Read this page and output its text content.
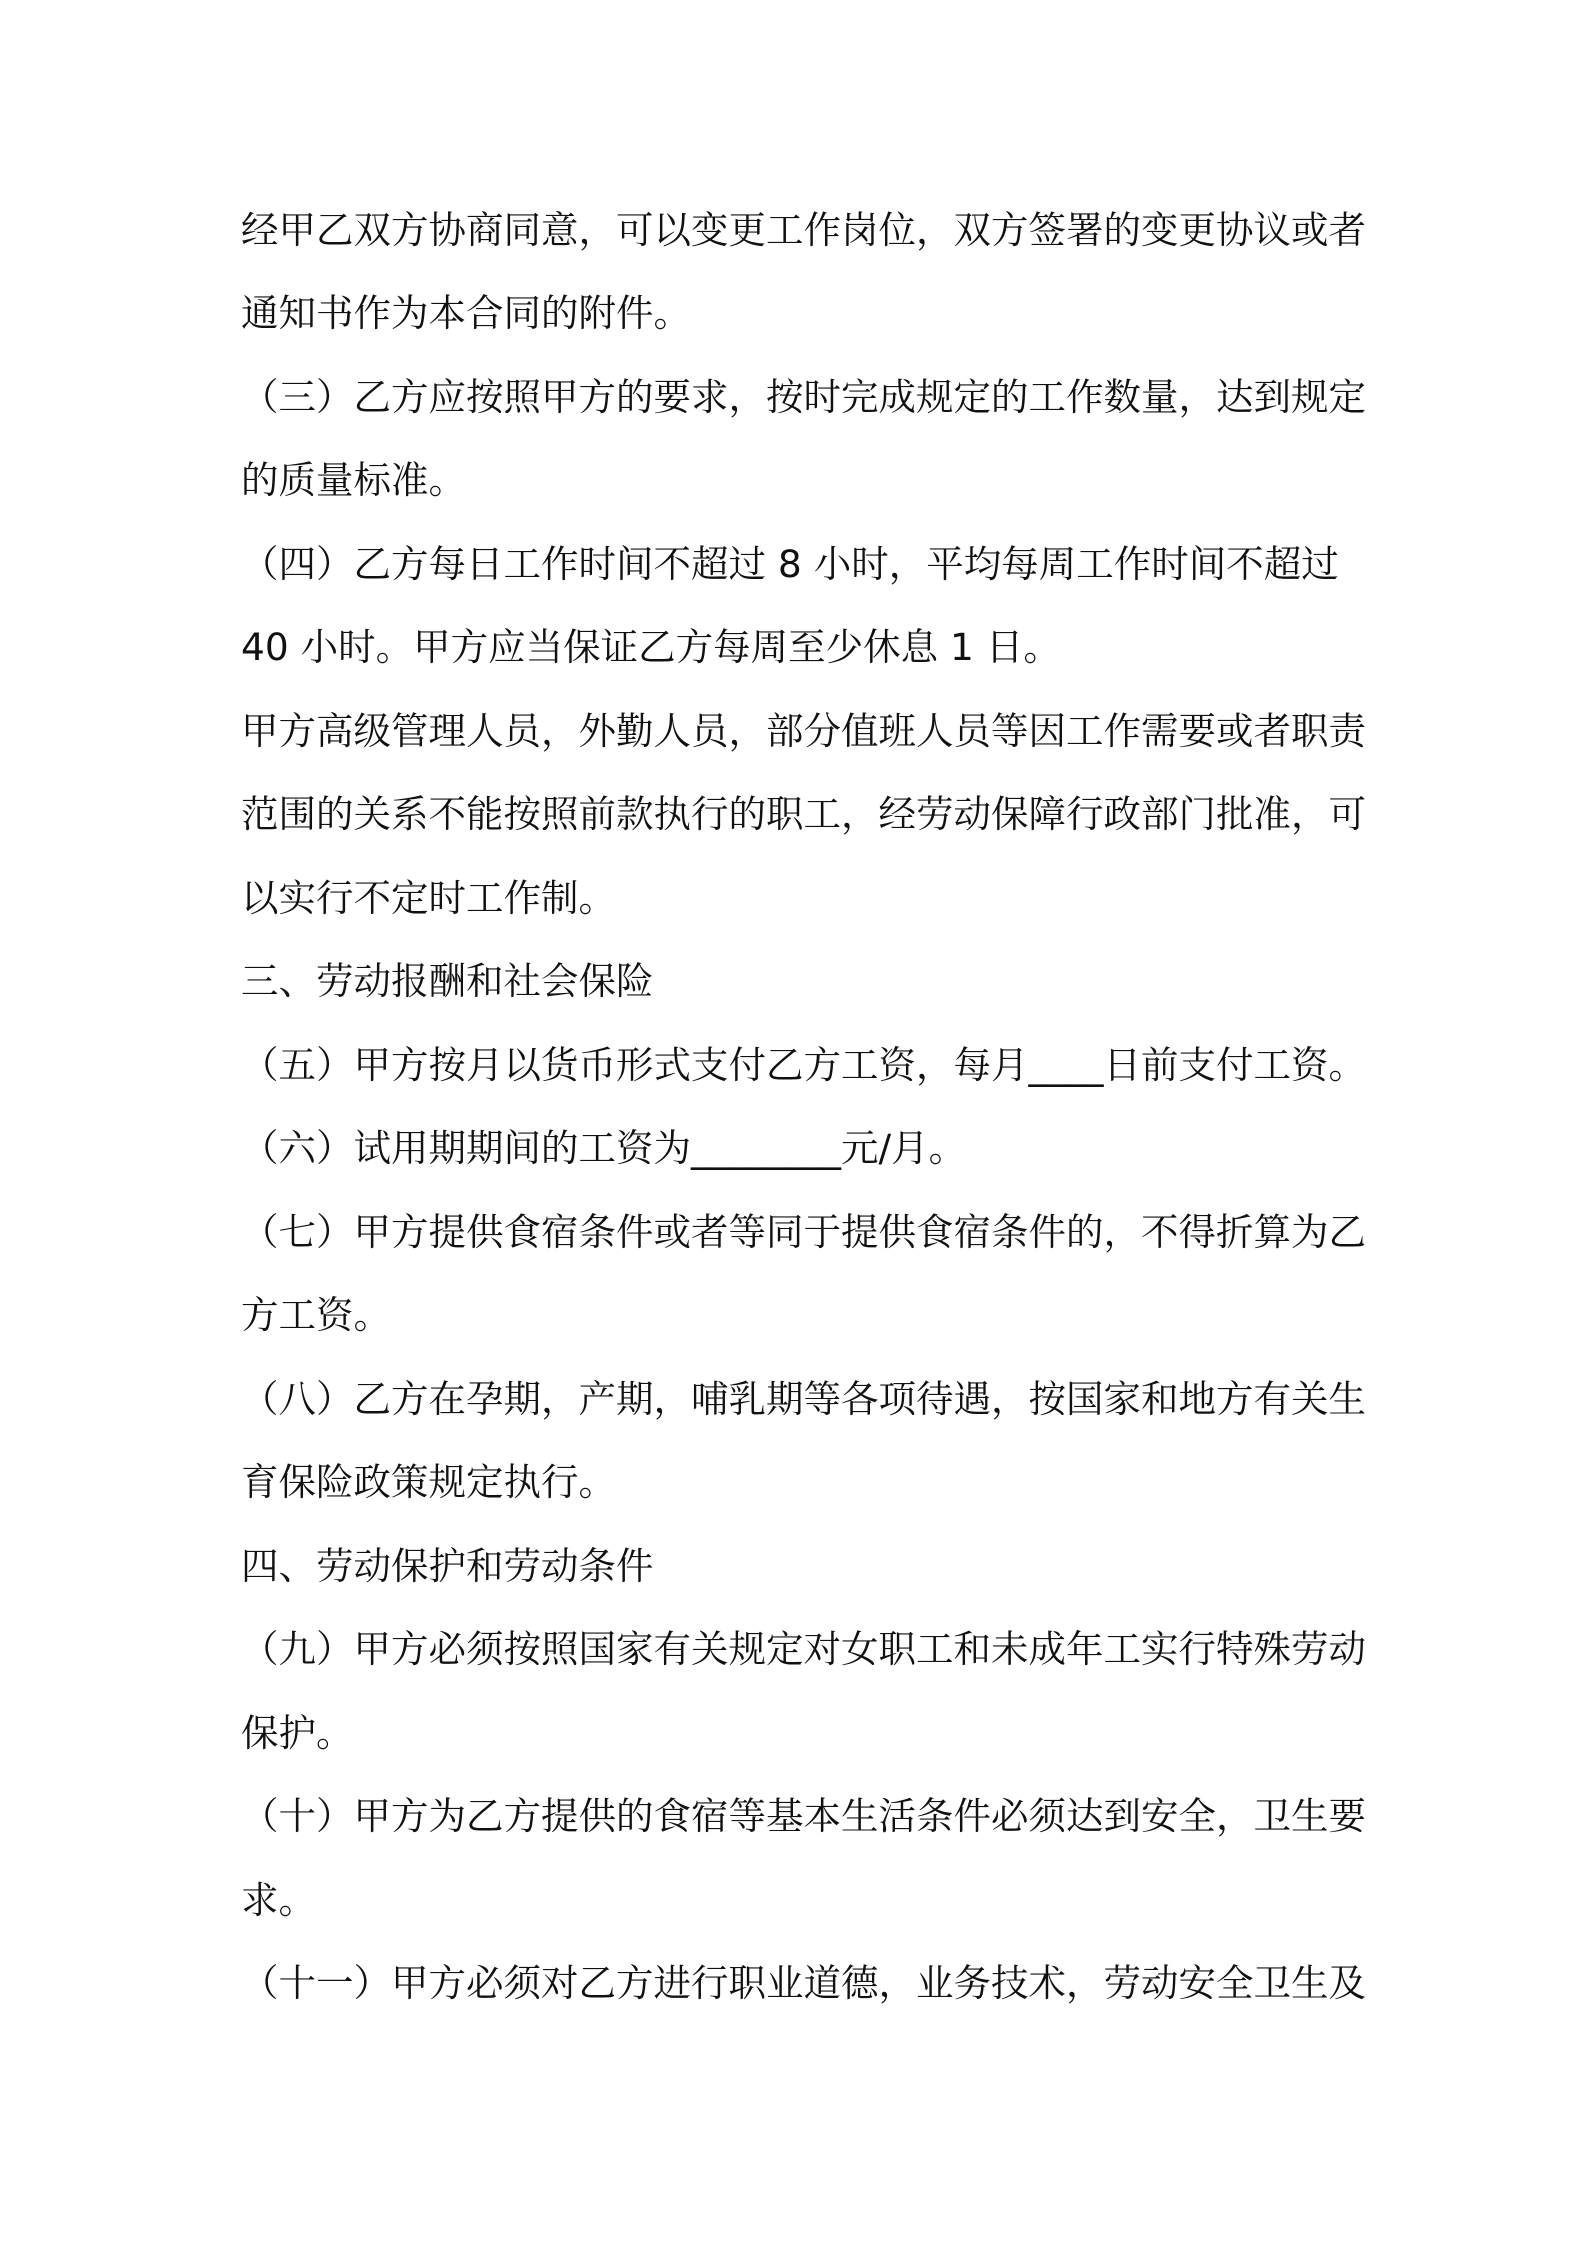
经甲乙双方协商同意，可以变更工作岗位，双方签署的变更协议或者
通知书作为本合同的附件。
（三）乙方应按照甲方的要求，按时完成规定的工作数量，达到规定
的质量标准。
（四）乙方每日工作时间不超过 8 小时，平均每周工作时间不超过
40 小时。甲方应当保证乙方每周至少休息 1 日。
甲方高级管理人员，外勤人员，部分值班人员等因工作需要或者职责
范围的关系不能按照前款执行的职工，经劳动保障行政部门批准，可
以实行不定时工作制。
三、劳动报酬和社会保险
（五）甲方按月以货币形式支付乙方工资，每月____日前支付工资。
（六）试用期期间的工资为________元/月。
（七）甲方提供食宿条件或者等同于提供食宿条件的，不得折算为乙
方工资。
（八）乙方在孕期，产期，哺乳期等各项待遇，按国家和地方有关生
育保险政策规定执行。
四、劳动保护和劳动条件
（九）甲方必须按照国家有关规定对女职工和未成年工实行特殊劳动
保护。
（十）甲方为乙方提供的食宿等基本生活条件必须达到安全，卫生要
求。
（十一）甲方必须对乙方进行职业道德，业务技术，劳动安全卫生及
